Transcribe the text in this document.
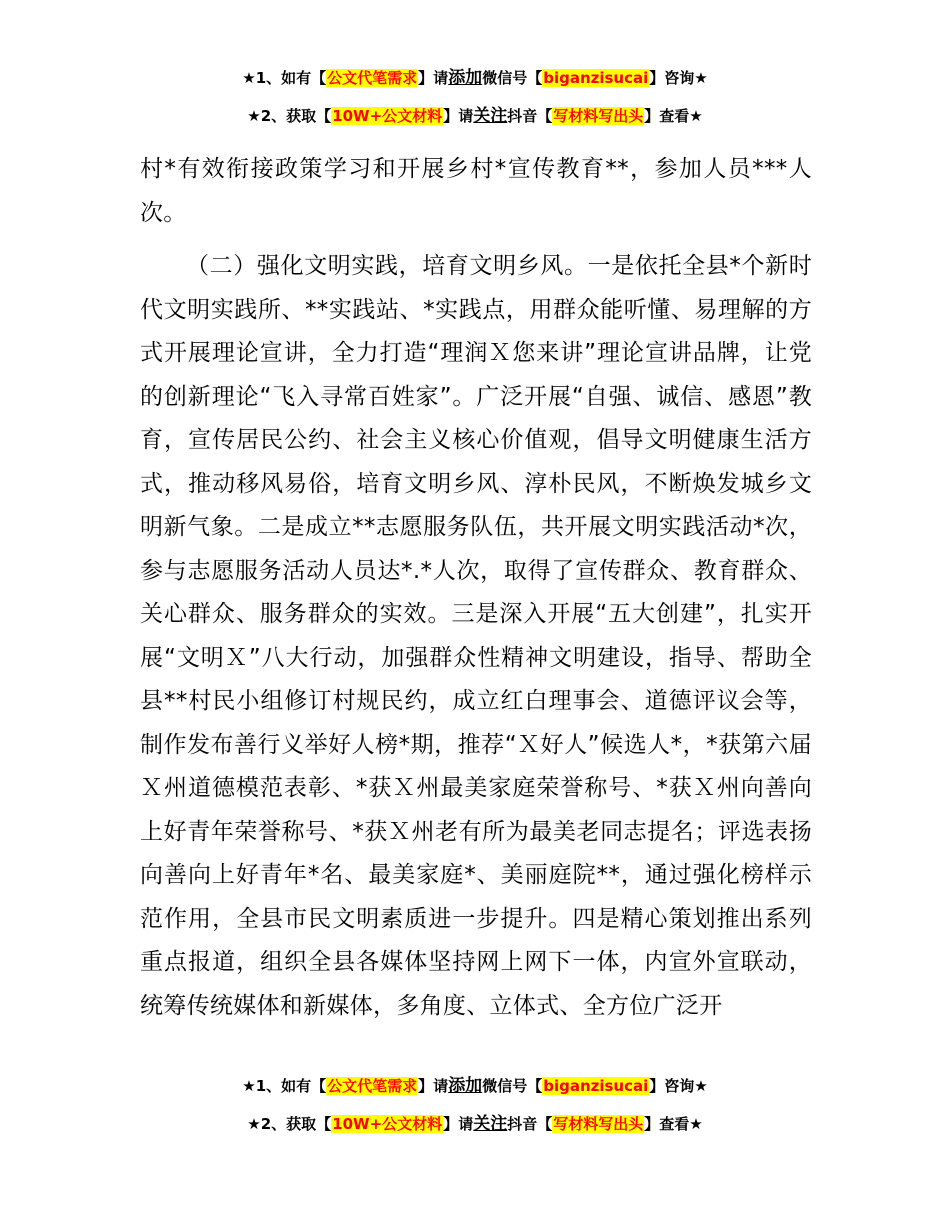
★1、如有【公文代笔需求】请添加微信号【biganzisucai】咨询★
★2、获取【10W+公文材料】请关注抖音【写材料写出头】查看★

村*有效衔接政策学习和开展乡村*宣传教育**，参加人员***人次。

（二）强化文明实践，培育文明乡风。一是依托全县*个新时代文明实践所、**实践站、*实践点，用群众能听懂、易理解的方式开展理论宣讲，全力打造“理润Ｘ您来讲”理论宣讲品牌，让党的创新理论“飞入寻常百姓家”。广泛开展“自强、诚信、感恩”教育，宣传居民公约、社会主义核心价值观，倡导文明健康生活方式，推动移风易俗，培育文明乡风、淳朴民风，不断焕发城乡文明新气象。二是成立**志愿服务队伍，共开展文明实践活动*次，参与志愿服务活动人员达*.*人次，取得了宣传群众、教育群众、关心群众、服务群众的实效。三是深入开展“五大创建”，扎实开展“文明Ｘ”八大行动，加强群众性精神文明建设，指导、帮助全县**村民小组修订村规民约，成立红白理事会、道德评议会等，制作发布善行义举好人榜*期，推荐“Ｘ好人”候选人*，*获第六届Ｘ州道德模范表彰、*获Ｘ州最美家庭荣誉称号、*获Ｘ州向善向上好青年荣誉称号、*获Ｘ州老有所为最美老同志提名；评选表扬向善向上好青年*名、最美家庭*、美丽庭院**，通过强化榜样示范作用，全县市民文明素质进一步提升。四是精心策划推出系列重点报道，组织全县各媒体坚持网上网下一体，内宣外宣联动，统筹传统媒体和新媒体，多角度、立体式、全方位广泛开

★1、如有【公文代笔需求】请添加微信号【biganzisucai】咨询★
★2、获取【10W+公文材料】请关注抖音【写材料写出头】查看★
